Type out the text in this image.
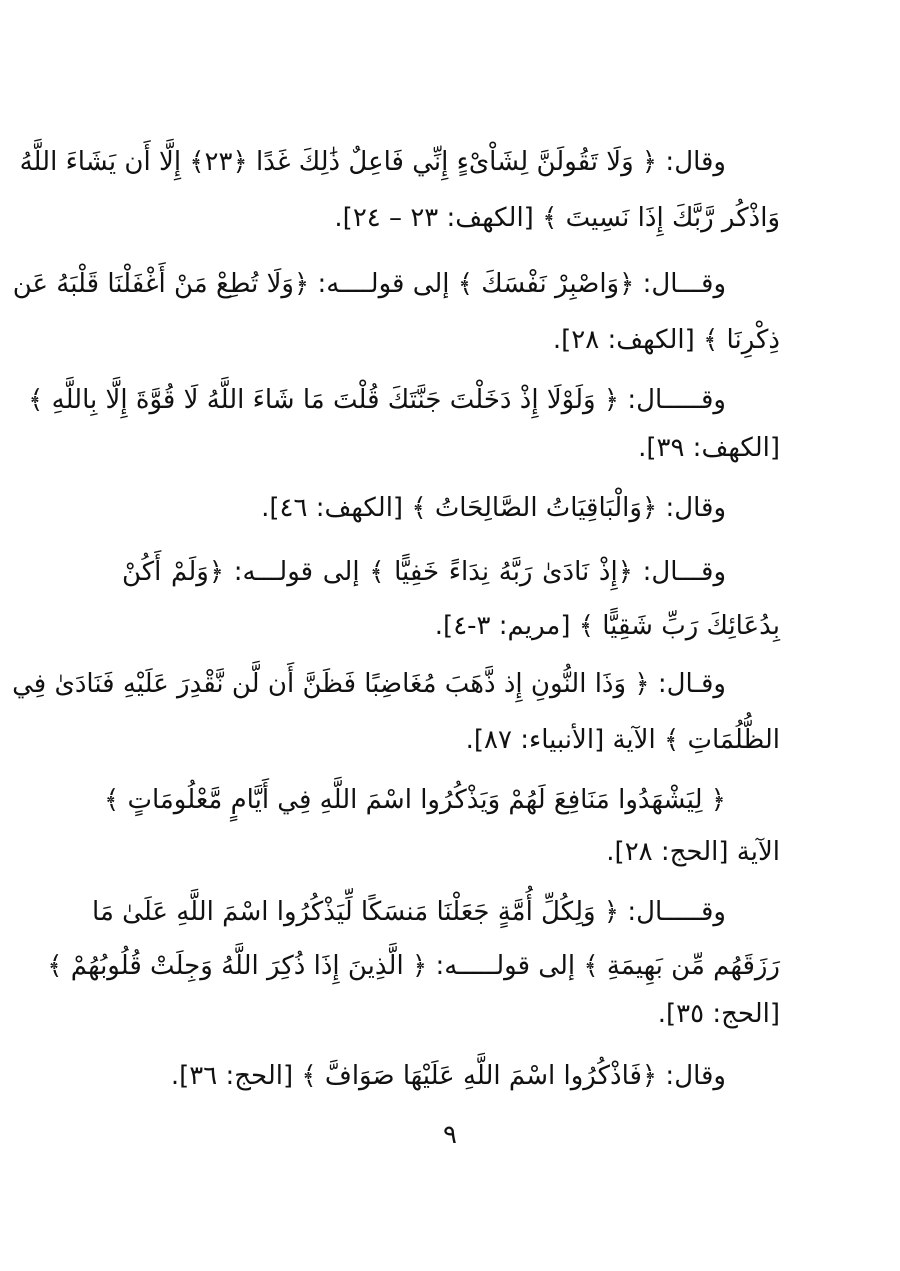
وقال: ﴿ وَلَا تَقُولَنَّ لِشَاْىْءٍ إِنِّي فَاعِلٌ ذَٰلِكَ غَدًا ﴿٢٣﴾ إِلَّا أَن يَشَاءَ اللَّهُ
وَاذْكُر رَّبَّكَ إِذَا نَسِيتَ ﴾ [الكهف: ٢٣ – ٢٤].
وقـــال: ﴿وَاصْبِرْ نَفْسَكَ ﴾ إلى قولــــه: ﴿وَلَا تُطِعْ مَنْ أَغْفَلْنَا قَلْبَهُ عَن
ذِكْرِنَا ﴾ [الكهف: ٢٨].
وقـــــال: ﴿ وَلَوْلَا إِذْ دَخَلْتَ جَنَّتَكَ قُلْتَ مَا شَاءَ اللَّهُ لَا قُوَّةَ إِلَّا بِاللَّهِ ﴾
[الكهف: ٣٩].
وقال: ﴿وَالْبَاقِيَاتُ الصَّالِحَاتُ ﴾ [الكهف: ٤٦].
وقـــال: ﴿إِذْ نَادَىٰ رَبَّهُ نِدَاءً خَفِيًّا ﴾ إلى قولـــه: ﴿وَلَمْ أَكُنْ
بِدُعَائِكَ رَبِّ شَقِيًّا ﴾ [مريم: ٣-٤].
وقـال: ﴿ وَذَا النُّونِ إِذ ذَّهَبَ مُغَاضِبًا فَظَنَّ أَن لَّن نَّقْدِرَ عَلَيْهِ فَنَادَىٰ فِي
الظُّلُمَاتِ ﴾ الآية [الأنبياء: ٨٧].
﴿ لِيَشْهَدُوا مَنَافِعَ لَهُمْ وَيَذْكُرُوا اسْمَ اللَّهِ فِي أَيَّامٍ مَّعْلُومَاتٍ ﴾
الآية [الحج: ٢٨].
وقـــــال: ﴿ وَلِكُلِّ أُمَّةٍ جَعَلْنَا مَنسَكًا لِّيَذْكُرُوا اسْمَ اللَّهِ عَلَىٰ مَا
رَزَقَهُم مِّن بَهِيمَةِ ﴾ إلى قولـــــه: ﴿ الَّذِينَ إِذَا ذُكِرَ اللَّهُ وَجِلَتْ قُلُوبُهُمْ ﴾
[الحج: ٣٥].
وقال: ﴿فَاذْكُرُوا اسْمَ اللَّهِ عَلَيْهَا صَوَافَّ ﴾ [الحج: ٣٦].
٩
